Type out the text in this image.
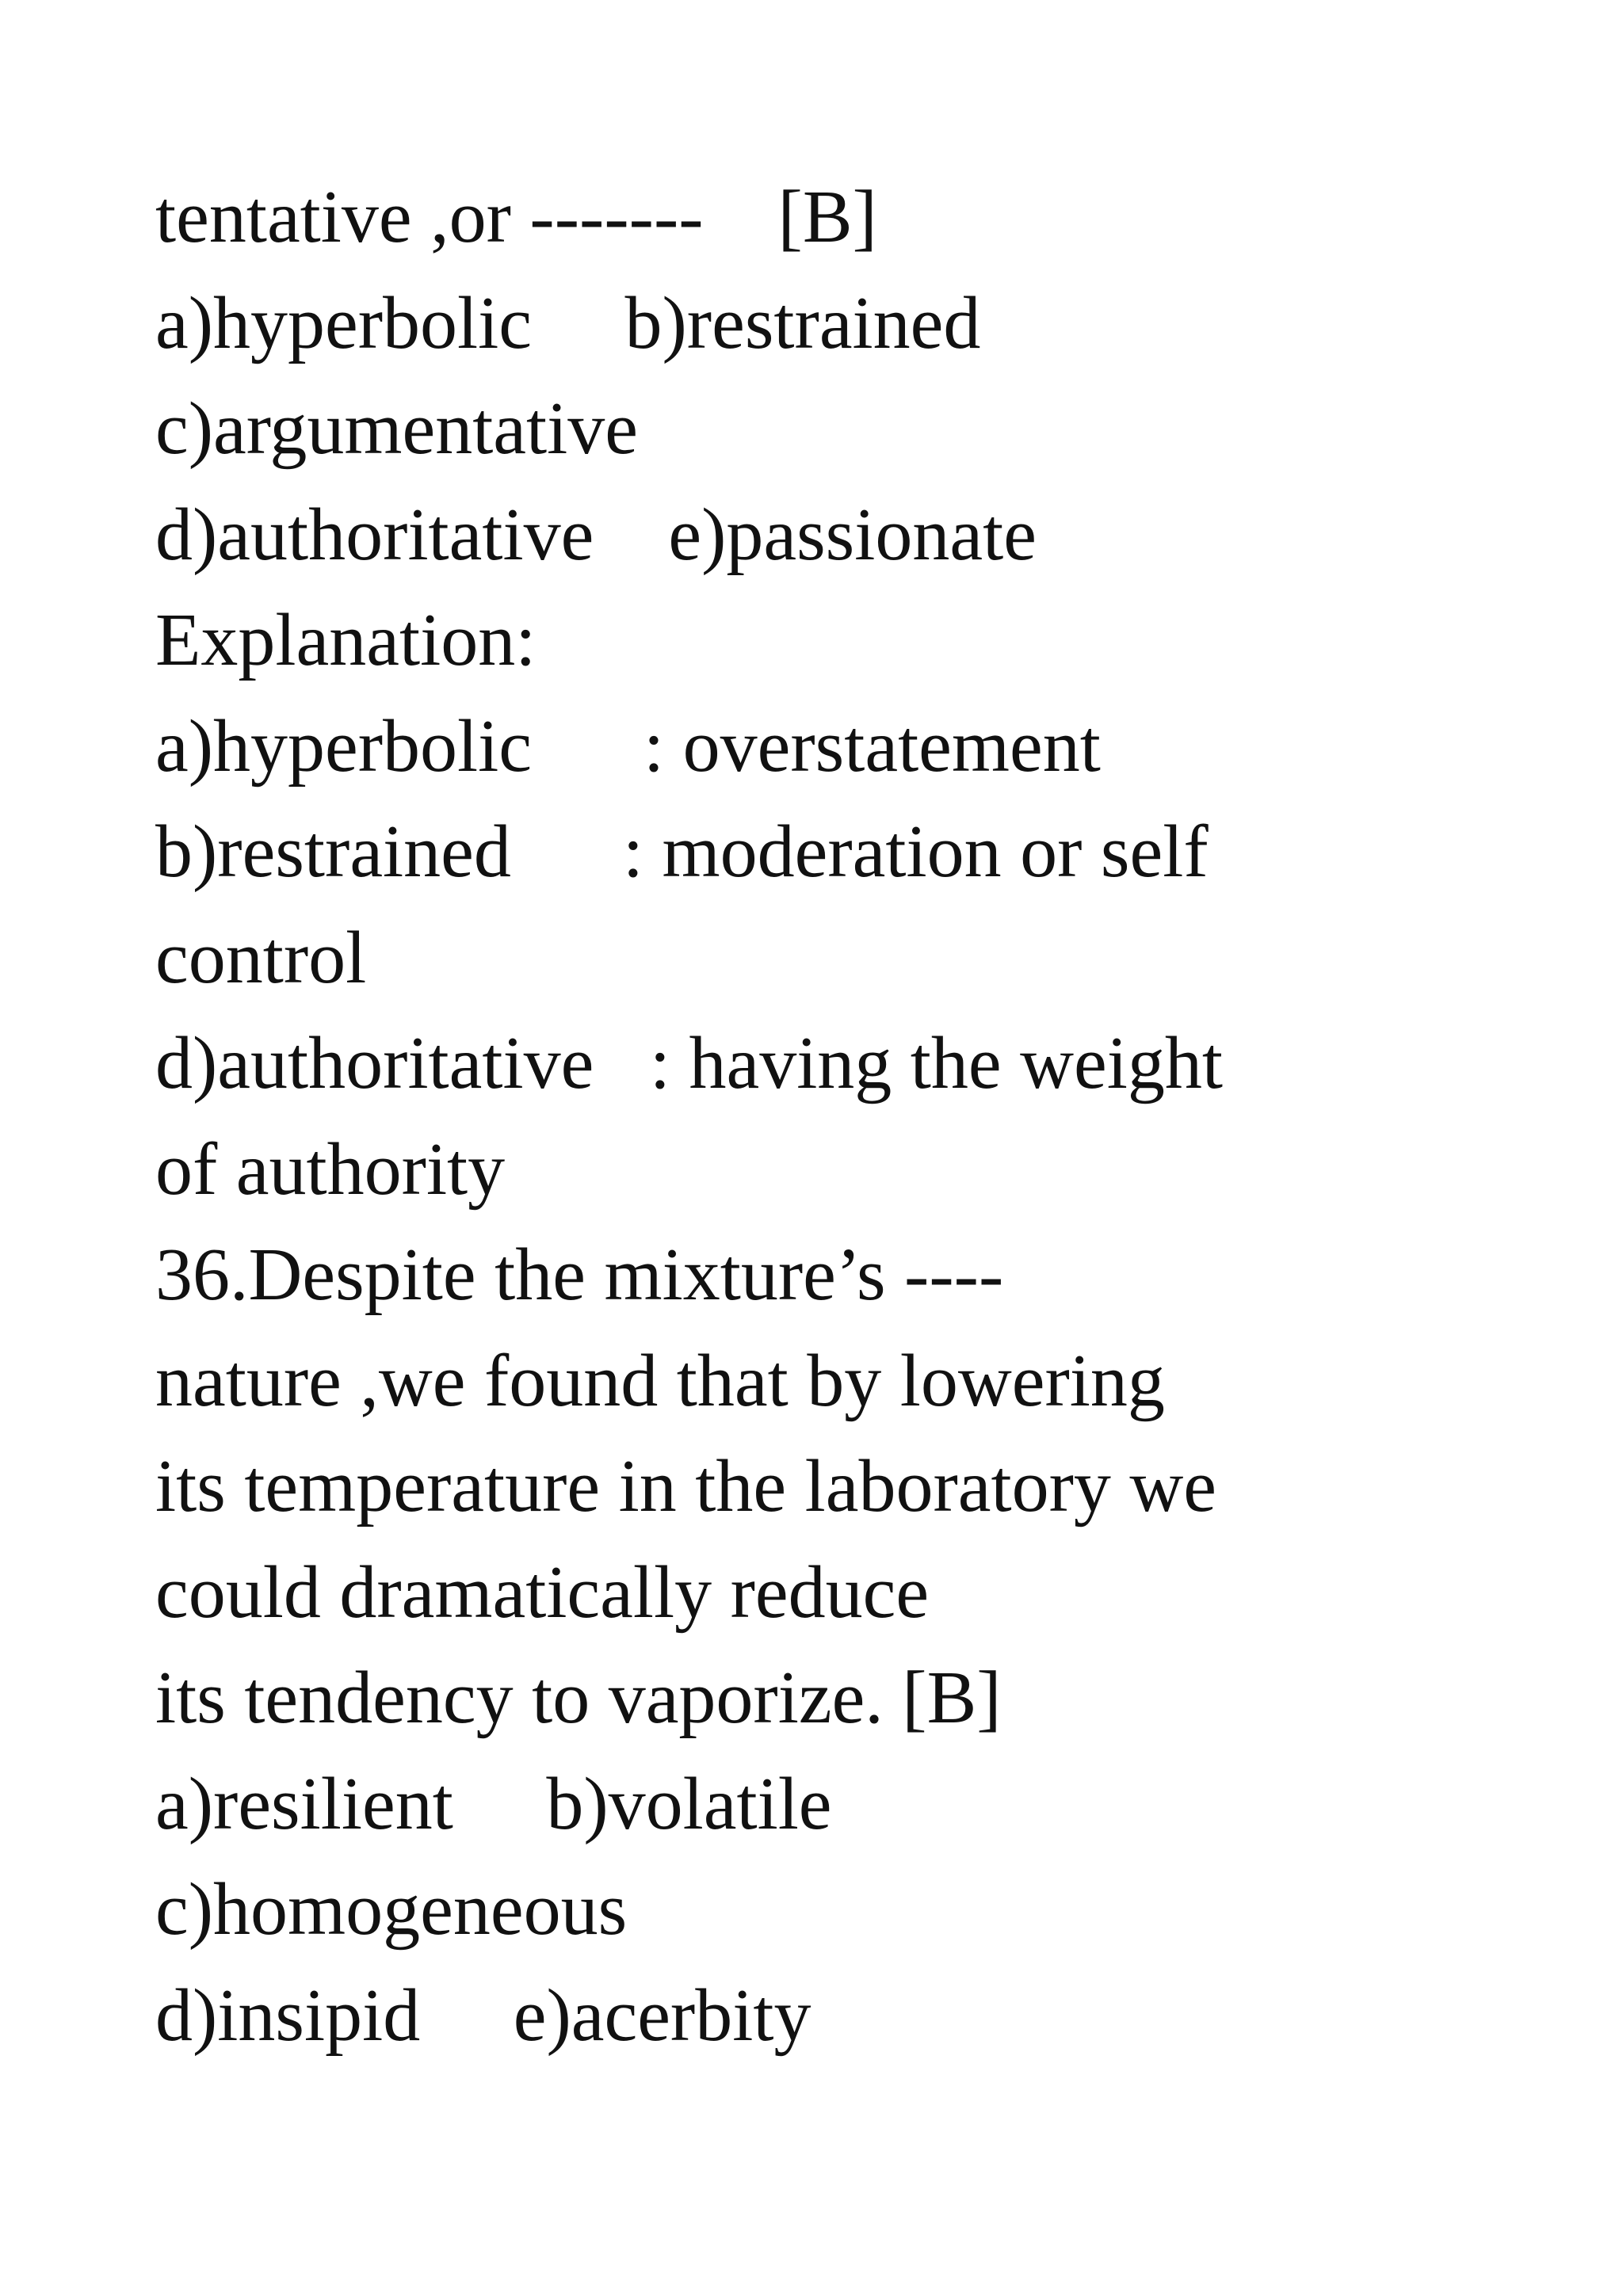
tentative ,or -------    [B]
a)hyperbolic     b)restrained
c)argumentative
d)authoritative    e)passionate
Explanation:
a)hyperbolic      : overstatement
b)restrained      : moderation or self
control
d)authoritative   : having the weight
of authority
36.Despite the mixture’s ----
nature ,we found that by lowering
its temperature in the laboratory we
could dramatically reduce
its tendency to vaporize. [B]
a)resilient     b)volatile
c)homogeneous
d)insipid     e)acerbity
